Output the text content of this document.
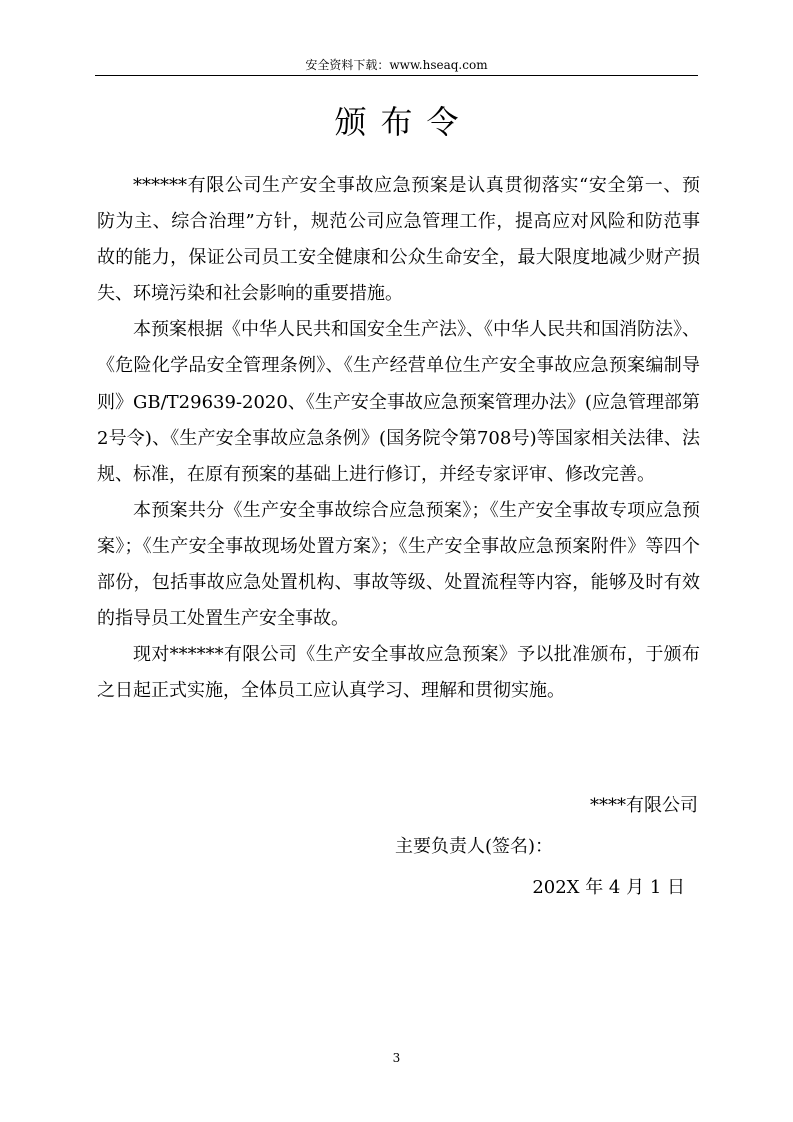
安全资料下载：www.hseaq.com
颁布令

******有限公司生产安全事故应急预案是认真贯彻落实“安全第一、预防为主、综合治理”方针，规范公司应急管理工作，提高应对风险和防范事故的能力，保证公司员工安全健康和公众生命安全，最大限度地减少财产损失、环境污染和社会影响的重要措施。

本预案根据《中华人民共和国安全生产法》、《中华人民共和国消防法》、《危险化学品安全管理条例》、《生产经营单位生产安全事故应急预案编制导则》GB/T29639-2020、《生产安全事故应急预案管理办法》(应急管理部第2号令)、《生产安全事故应急条例》(国务院令第708号)等国家相关法律、法规、标准，在原有预案的基础上进行修订，并经专家评审、修改完善。

本预案共分《生产安全事故综合应急预案》；《生产安全事故专项应急预案》；《生产安全事故现场处置方案》；《生产安全事故应急预案附件》等四个部份，包括事故应急处置机构、事故等级、处置流程等内容，能够及时有效的指导员工处置生产安全事故。

现对******有限公司《生产安全事故应急预案》予以批准颁布，于颁布之日起正式实施，全体员工应认真学习、理解和贯彻实施。

****有限公司
主要负责人(签名)：
202X 年 4 月 1 日
3
